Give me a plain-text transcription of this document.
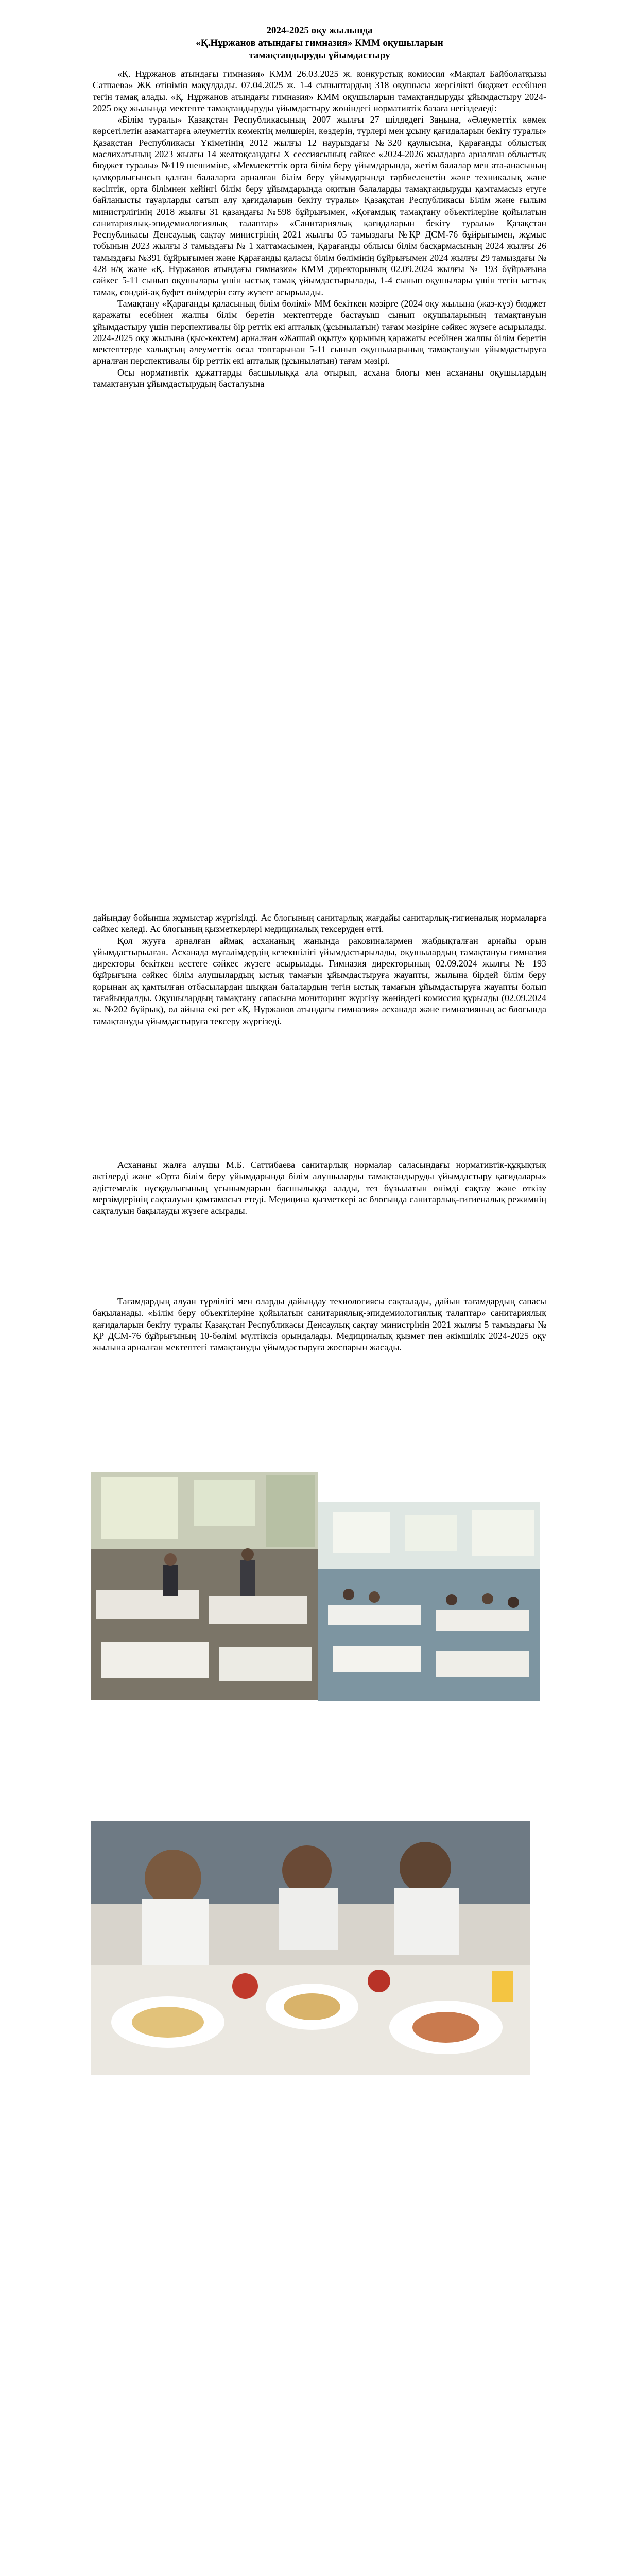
2024-2025 оқу жылында
«Қ.Нұржанов атындағы гимназия» КММ оқушыларын
тамақтандыруды ұйымдастыру

«Қ. Нұржанов атындағы гимназия» КММ 26.03.2025 ж. конкурстық комиссия «Мақпал Байболатқызы Сатпаева» ЖК өтінімін мақұлдады. 07.04.2025 ж. 1-4 сыныптардың 318 оқушысы жергілікті бюджет есебінен тегін тамақ алады. «Қ. Нұржанов атындағы гимназия» КММ оқушыларын тамақтандыруды ұйымдастыру 2024-2025 оқу жылында мектепте тамақтандыруды ұйымдастыру жөніндегі нормативтік базаға негізделеді:

«Білім туралы» Қазақстан Республикасының 2007 жылғы 27 шілдедегі Заңына, «Әлеуметтік көмек көрсетілетін азаматтарға әлеуметтік көмектің мөлшерін, көздерін, түрлері мен ұсыну қағидаларын бекіту туралы» Қазақстан Республикасы Үкіметінің 2012 жылғы 12 наурыздағы №320 қаулысына, Қарағанды облыстық мәслихатының 2023 жылғы 14 желтоқсандағы X сессиясының сәйкес «2024-2026 жылдарға арналған облыстық бюджет туралы» №119 шешиміне, «Мемлекеттік орта білім беру ұйымдарында, жетім балалар мен ата-анасының қамқорлығынсыз қалған балаларға арналған білім беру ұйымдарында тәрбиеленетін және техникалық және кәсіптік, орта білімнен кейінгі білім беру ұйымдарында оқитын балаларды тамақтандыруды қамтамасыз етуге байланысты тауарларды сатып алу қағидаларын бекіту туралы» Қазақстан Республикасы Білім және ғылым министрлігінің 2018 жылғы 31 қазандағы №598 бұйрығымен, «Қоғамдық тамақтану объектілеріне қойылатын санитариялық-эпидемиологиялық талаптар» «Санитариялық қағидаларын бекіту туралы» Қазақстан Республикасы Денсаулық сақтау министрінің 2021 жылғы 05 тамыздағы №ҚР ДСМ-76 бұйрығымен, жұмыс тобының 2023 жылғы 3 тамыздағы № 1 хаттамасымен, Қарағанды облысы білім басқармасының 2024 жылғы 26 тамыздағы №391 бұйрығымен және Қарағанды қаласы білім бөлімінің бұйрығымен 2024 жылғы 29 тамыздағы № 428 н/қ және «Қ. Нұржанов атындағы гимназия» КММ директорының 02.09.2024 жылғы № 193 бұйрығына сәйкес 5-11 сынып оқушылары үшін ыстық тамақ ұйымдастырылады, 1-4 сынып оқушылары үшін тегін ыстық тамақ, сондай-ақ буфет өнімдерін сату жүзеге асырылады.

Тамақтану «Қарағанды қаласының білім бөлімі» ММ бекіткен мәзірге (2024 оқу жылына (жаз-күз) бюджет қаражаты есебінен жалпы білім беретін мектептерде бастауыш сынып оқушыларының тамақтануын ұйымдастыру үшін перспективалы бір реттік екі апталық (ұсынылатын) тағам мәзіріне сәйкес жүзеге асырылады. 2024-2025 оқу жылына (қыс-көктем) арналған «Жаппай оқыту» қорының қаражаты есебінен жалпы білім беретін мектептерде халықтың әлеуметтік осал топтарынан 5-11 сынып оқушыларының тамақтануын ұйымдастыруға арналған перспективалы бір реттік екі апталық (ұсынылатын) тағам мәзірі.

Осы нормативтік құжаттарды басшылыққа ала отырып, асхана блогы мен асхананы оқушылардың тамақтануын ұйымдастырудың басталуына

дайындау бойынша жұмыстар жүргізілді. Ас блогының санитарлық жағдайы санитарлық-гигиеналық нормаларға сәйкес келеді. Ас блогының қызметкерлері медициналық тексеруден өтті.

Қол жууға арналған аймақ асхананың жанында раковиналармен жабдықталған арнайы орын ұйымдастырылған. Асханада мұғалімдердің кезекшілігі ұйымдастырылады, оқушылардың тамақтануы гимназия директоры бекіткен кестеге сәйкес жүзеге асырылады. Гимназия директорының 02.09.2024 жылғы № 193 бұйрығына сәйкес білім алушылардың ыстық тамағын ұйымдастыруға жауапты, жылына бірдей білім беру қорынан ақ қамтылған отбасылардан шыққан балалардың тегін ыстық тамағын ұйымдастыруға жауапты болып тағайындалды. Оқушылардың тамақтану сапасына мониторинг жүргізу жөніндегі комиссия құрылды (02.09.2024 ж. №202 бұйрық), ол айына екі рет «Қ. Нұржанов атындағы гимназия» асханада және гимназияның ас блогында тамақтануды ұйымдастыруға тексеру жүргізеді.

Асхананы жалға алушы М.Б. Саттибаева санитарлық нормалар саласындағы нормативтік-құқықтық актілерді және «Орта білім беру ұйымдарында білім алушыларды тамақтандыруды ұйымдастыру қағидалары» әдістемелік нұсқаулығының ұсынымдарын басшылыққа алады, тез бұзылатын өнімді сақтау және өткізу мерзімдерінің сақталуын қамтамасыз етеді. Медицина қызметкері ас блогында санитарлық-гигиеналық режимнің сақталуын бақылауды жүзеге асырады.

Тағамдардың алуан түрлілігі мен оларды дайындау технологиясы сақталады, дайын тағамдардың сапасы бақыланады. «Білім беру объектілеріне қойылатын санитариялық-эпидемиологиялық талаптар» санитариялық қағидаларын бекіту туралы Қазақстан Республикасы Денсаулық сақтау министрінің 2021 жылғы 5 тамыздағы № ҚР ДСМ-76 бұйрығының 10-бөлімі мүлтіксіз орындалады. Медициналық қызмет пен әкімшілік 2024-2025 оқу жылына арналған мектептегі тамақтануды ұйымдастыруға жоспарын жасады.
